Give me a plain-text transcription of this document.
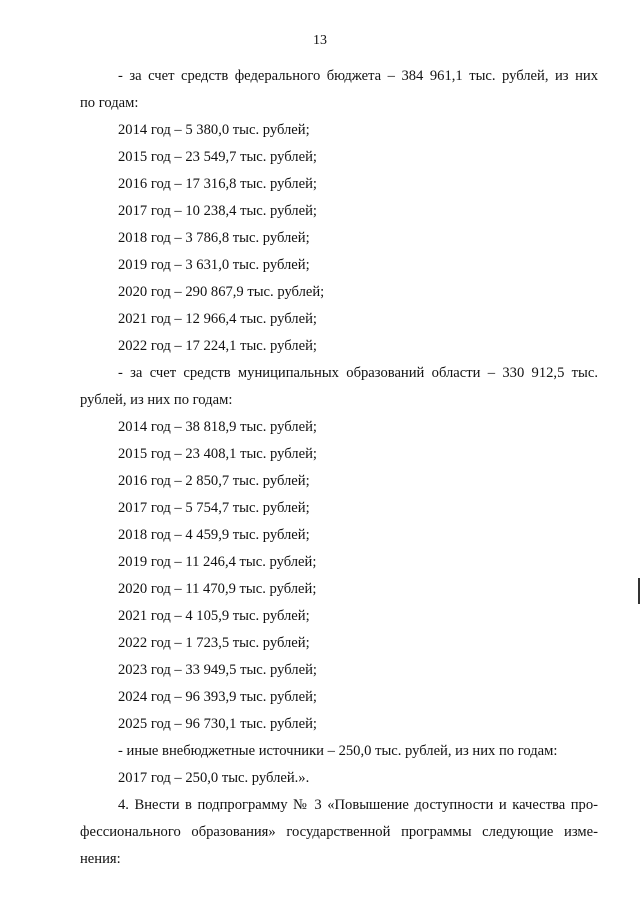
13
- за счет средств федерального бюджета – 384 961,1 тыс. рублей, из них
по годам:
2014 год – 5 380,0 тыс. рублей;
2015 год – 23 549,7 тыс. рублей;
2016 год – 17 316,8 тыс. рублей;
2017 год – 10 238,4 тыс. рублей;
2018 год – 3 786,8 тыс. рублей;
2019 год – 3 631,0 тыс. рублей;
2020 год – 290 867,9 тыс. рублей;
2021 год – 12 966,4 тыс. рублей;
2022 год – 17 224,1 тыс. рублей;
- за счет средств муниципальных образований области – 330 912,5 тыс.
рублей, из них по годам:
2014 год – 38 818,9 тыс. рублей;
2015 год – 23 408,1 тыс. рублей;
2016 год – 2 850,7 тыс. рублей;
2017 год – 5 754,7 тыс. рублей;
2018 год – 4 459,9 тыс. рублей;
2019 год – 11 246,4 тыс. рублей;
2020 год – 11 470,9 тыс. рублей;
2021 год – 4 105,9 тыс. рублей;
2022 год – 1 723,5 тыс. рублей;
2023 год – 33 949,5 тыс. рублей;
2024 год – 96 393,9 тыс. рублей;
2025 год – 96 730,1 тыс. рублей;
- иные внебюджетные источники – 250,0 тыс. рублей, из них по годам:
2017 год – 250,0 тыс. рублей.».
4. Внести в подпрограмму № 3 «Повышение доступности и качества про-
фессионального образования» государственной программы следующие изме-
нения:
